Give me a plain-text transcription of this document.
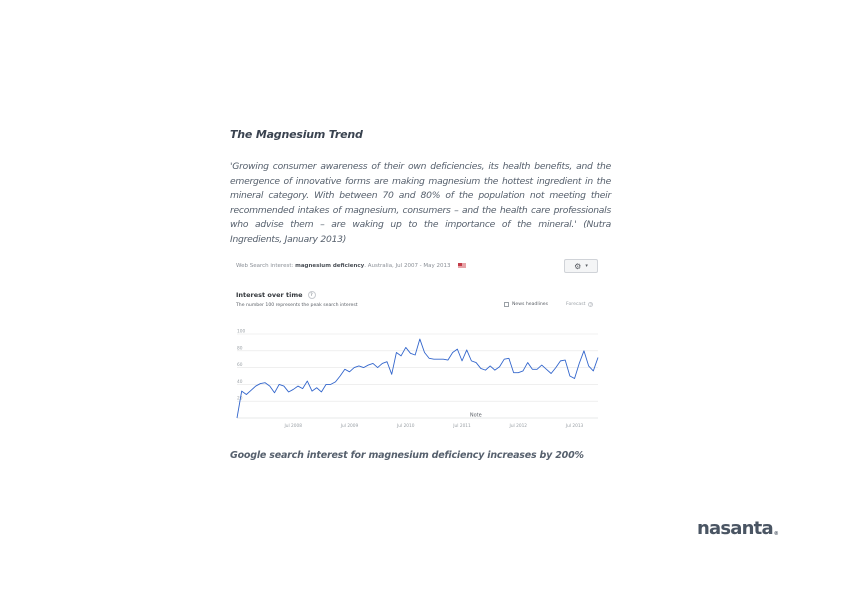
The Magnesium Trend
'Growing consumer awareness of their own deficiencies, its health benefits, and the emergence of innovative forms are making magnesium the hottest ingredient in the mineral category. With between 70 and 80% of the population not meeting their recommended intakes of magnesium, consumers – and the health care professionals who advise them – are waking up to the importance of the mineral.' (Nutra Ingredients, January 2013)
Web Search interest: magnesium deficiency. Australia, Jul 2007 - May 2013	⚙ ▾
Interest over time ?
The number 100 represents the peak search interest	News headlines	Forecast	?
100
80
60
40
20
Jul 2008	Jul 2009	Jul 2010	Jul 2011	Jul 2012	Jul 2013
Note
Google search interest for magnesium deficiency increases by 200%
nasanta®
